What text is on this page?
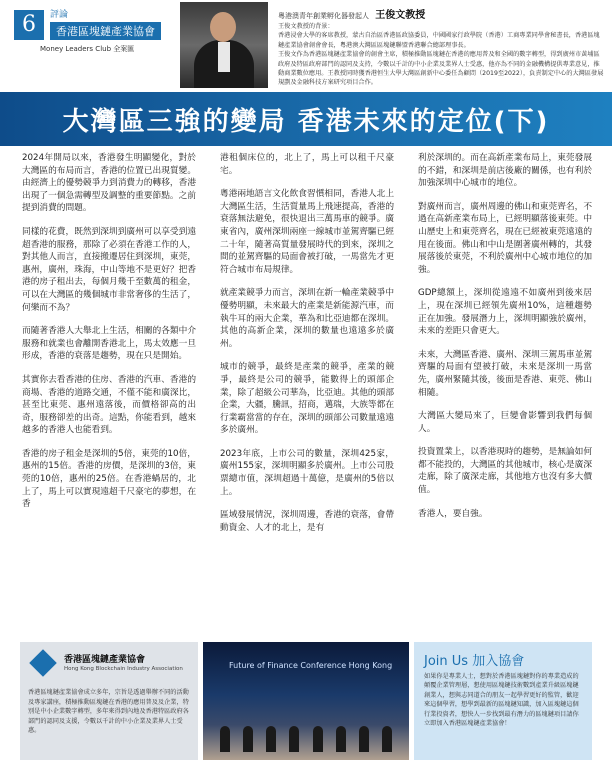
6	評論
香港區塊鏈產業協會
Money Leaders Club 全案匯
粵港澳青年創業孵化器發起人 王俊文教授

王俊文教授的背景：

香港浸會大學的客席教授，蒙古自治區香港區政協委員，中國國家行政學院（香港）工商專業同學會秘書長，香港區塊鏈產業協會創會會長，粵港澳大灣區區塊鏈聯盟香港聯合總部理事長。

王俊文作為香港區塊鏈產業協會的創會主席，積極推動區塊鏈在香港的應用普及和全國的數字轉型，得到廣州市黃埔區政府及特區政府部門的認同及支持，令數以千計的中小企業及業界人士受惠，他亦為不同的金融機構提供專業意見，推動商業數位應用。王教授同時獲香港恒生大學大灣區創新中心委任為顧問（2019至2022），負責制定中心的大灣區發展規劃及金融科技方案研究項目合作。

大灣區三強的變局 香港未來的定位(下)

2024年開局以來，香港發生明顯變化，對於大灣區的布局而言，香港的位置已出現質變。由經濟上的優勢競爭力到消費力的轉移，香港出現了一個急需轉型及調整的重要節點。之前提到消費的問題。

同樣的花費，既然到深圳到廣州可以享受到遠超香港的服務，那除了必須在香港工作的人，對其他人而言，直接搬遷居住到深圳，東莞，惠州，廣州，珠海，中山等地不是更好？把香港的房子租出去，每個月幾千至數萬的租金，可以在大灣區的幾個城市非常奢侈的生活了，何樂而不為？

而隨著香港人大舉北上生活，相關的各類中介服務和就業也會離開香港北上，馬太效應一旦形成，香港的衰落是趨勢，現在只是開始。

其實你去看香港的住房、香港的汽車、香港的商場、香港的道路交通，不僅不能和廣深比，甚至比東莞、惠州遠落後，而價格卻高的出奇，服務卻差的出奇。這點，你能看到，越來越多的香港人也能看到。

香港的房子租金是深圳的5倍，東莞的10倍，惠州的15倍。香港的房價，是深圳的3倍，東莞的10倍，惠州的25倍。在香港蝸居的，北上了，馬上可以實現遠超千尺豪宅的夢想，在香

港租個床位的，北上了，馬上可以租千尺豪宅。

粵港兩地語言文化飲食習慣相同，香港人北上大灣區生活，生活質量馬上飛速提高，香港的衰落無法避免，很快退出三萬馬車的競爭。廣東省內，廣州深圳兩座一線城市並駕齊驅已經二十年，隨著高質量發展時代的到來，深圳之間的並駕齊驅的局面會被打破，一馬當先才更符合城市布局規律。

就產業競爭力而言，深圳在新一輪產業競爭中優勢明顯，未來最大的產業是新能源汽車，而執牛耳的兩大企業，華為和比亞迪都在深圳。其他的高新企業，深圳的數量也遠遠多於廣州。

城市的競爭，最終是產業的競爭，產業的競爭，最終是公司的競爭，能數得上的頭部企業，除了超級公司華為，比亞迪。其他的頭部企業，大疆，騰訊，招商，邁瑞，大族等都在行業霸當當的存在，深圳的頭部公司數量遠遠多於廣州。

2023年底，上市公司的數量，深圳425家，廣州155家，深圳明顯多於廣州。上市公司股票總市值，深圳超過十萬億，是廣州的5倍以上。

區域發展情況，深圳周邊，香港的衰落，會帶動資金、人才的北上，是有

利於深圳的。而在高新產業布局上，東莞發展的不錯，和深圳是前店後廠的關係，也有利於加強深圳中心城市的地位。

對廣州而言，廣州周邊的佛山和東莞齊名，不過在高新產業布局上，已經明顯落後東莞。中山歷史上和東莞齊名，現在已經被東莞遠遠的甩在後面。佛山和中山是圍著廣州轉的，其發展落後於東莞，不利於廣州中心城市地位的加強。

GDP總額上，深圳從遠遠不如廣州到後來居上，現在深圳已經領先廣州10%，這種趨勢正在加強。發展潛力上，深圳明顯強於廣州，未來的差距只會更大。

未來，大灣區香港、廣州、深圳三駕馬車並駕齊驅的局面有望被打破，未來是深圳一馬當先，廣州緊隨其後，後面是香港、東莞、佛山相隨。

大灣區大變局來了，巨變會影響到我們每個人。

投資置業上，以香港現時的趨勢，是無論如何都不能投的，大灣區的其他城市，核心是廣深走廊，除了廣深走廊，其他地方也沒有多大價值。

香港人，要自強。

香港區塊鏈產業協會
Hong Kong Blockchain Industry Association
香港區塊鏈產業協會成立多年，宗旨是透過舉辦不同的活動及專家講座，積極推動區塊鏈在香港的應用普及及企業，特別是中小企業數字轉型，多年來得到內地及香港特區政府各部門的認同及支援，令數以千計的中小企業及業界人士受惠。
Future of Finance Conference Hong Kong Join Us 加入協會

如果你是專業人士，想對於香港區塊鏈對你的專業造成的顛覆企業管理層，想使用區塊鏈技術數到產業升級區塊鏈創業人，想與志同道合的朋友一起學習更好的監管，歡迎來這個學習，想學到最新的區塊鏈知識，加入區塊鏈這個行業投資者，想快人一步找到最有潛力的區塊鏈項目請你立即加入香港區塊鏈產業協會！
